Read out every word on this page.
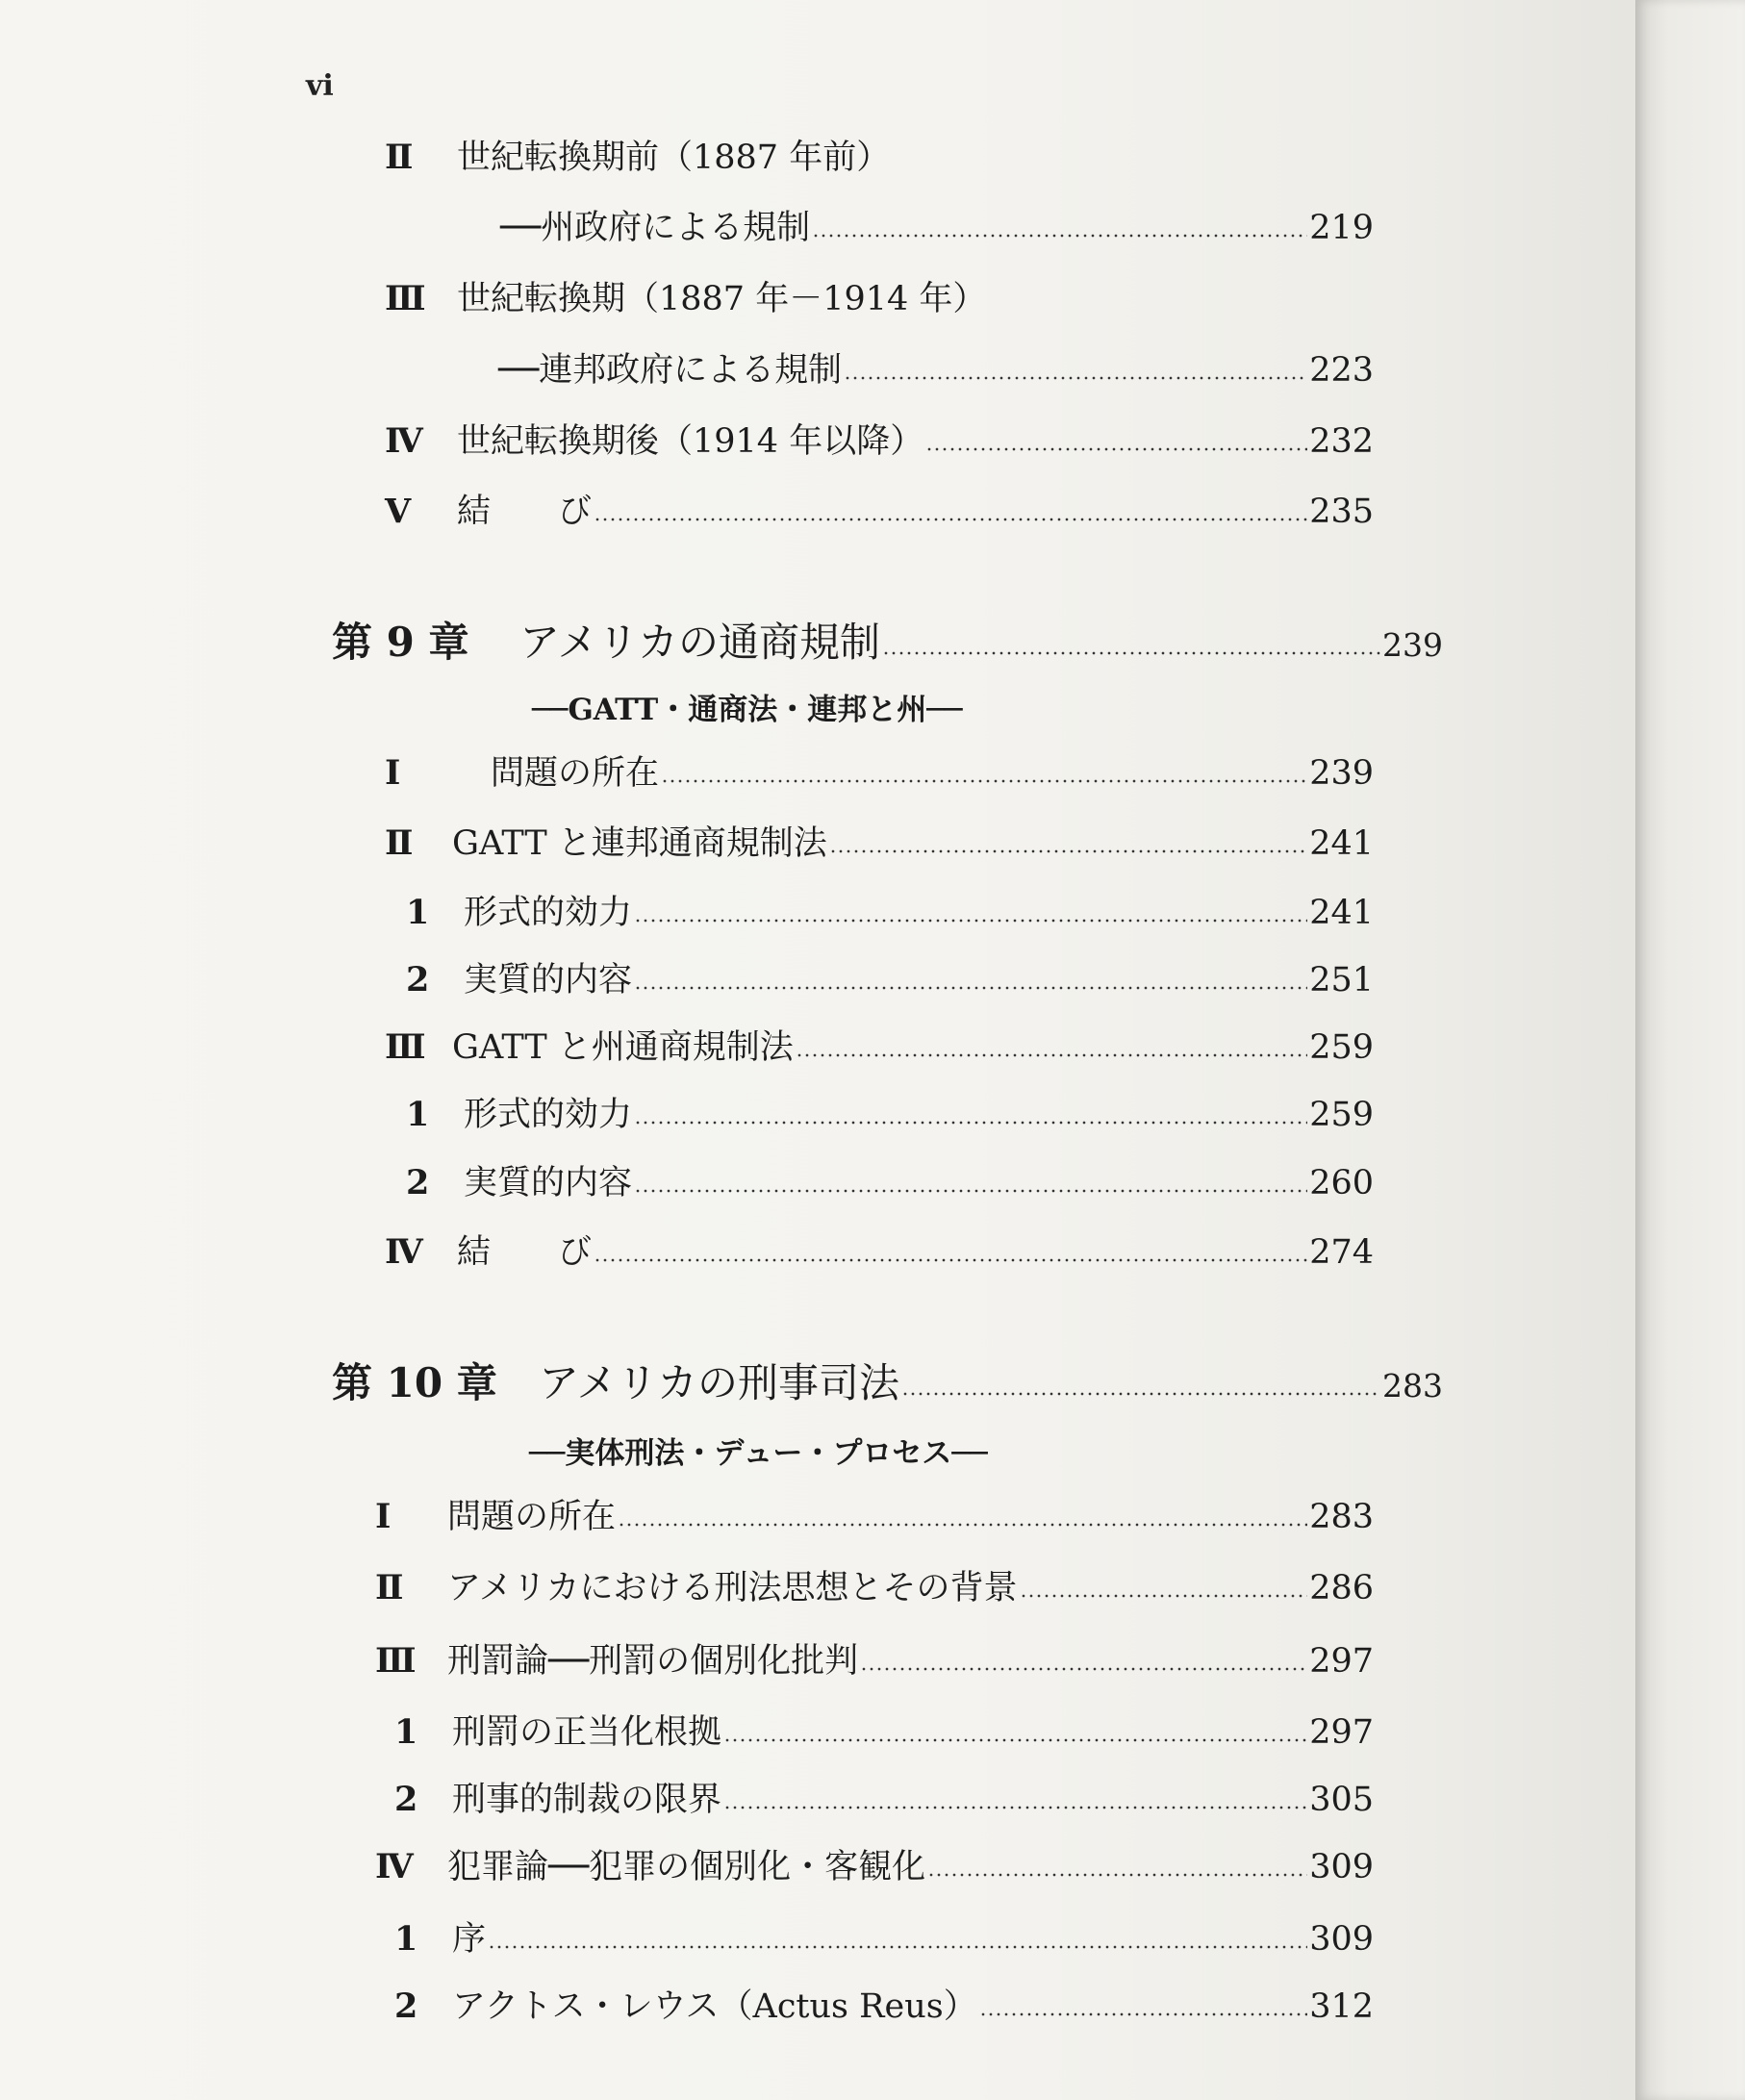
vi
Ⅱ	世紀転換期前（1887 年前）
──州政府による規制	219
Ⅲ 世紀転換期（1887 年－1914 年）
──連邦政府による規制	223
Ⅳ	世紀転換期後（1914 年以降）	232
Ⅴ	結　　び	235
第 9 章	アメリカの通商規制	239
──GATT・通商法・連邦と州──
Ⅰ	問題の所在	239
Ⅱ	GATT と連邦通商規制法	241
1	形式的効力	241
2	実質的内容	251
Ⅲ GATT と州通商規制法	259
1	形式的効力	259
2	実質的内容	260
Ⅳ	結　　び	274
第 10 章	アメリカの刑事司法	283
──実体刑法・デュー・プロセス──
Ⅰ	問題の所在	283
Ⅱ	アメリカにおける刑法思想とその背景	286
Ⅲ 刑罰論──刑罰の個別化批判	297
1	刑罰の正当化根拠	297
2	刑事的制裁の限界	305
Ⅳ	犯罪論──犯罪の個別化・客観化	309
1	序	309
2	アクトス・レウス（Actus Reus）	312
